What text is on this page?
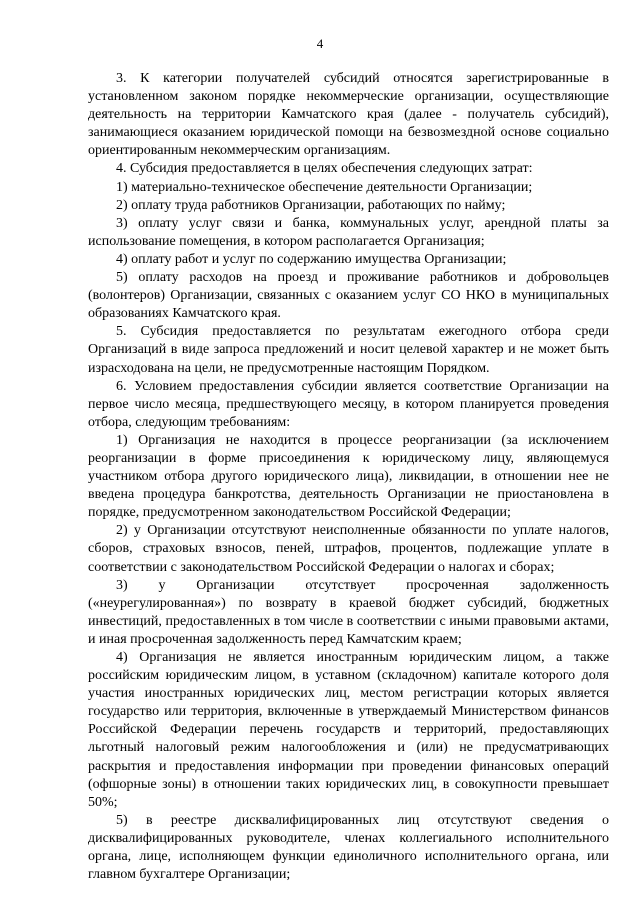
4

3. К категории получателей субсидий относятся зарегистрированные в установленном законом порядке некоммерческие организации, осуществляющие деятельность на территории Камчатского края (далее - получатель субсидий), занимающиеся оказанием юридической помощи на безвозмездной основе социально ориентированным некоммерческим организациям.

4. Субсидия предоставляется в целях обеспечения следующих затрат:

1) материально-техническое обеспечение деятельности Организации;

2) оплату труда работников Организации, работающих по найму;

3) оплату услуг связи и банка, коммунальных услуг, арендной платы за использование помещения, в котором располагается Организация;

4) оплату работ и услуг по содержанию имущества Организации;

5) оплату расходов на проезд и проживание работников и добровольцев (волонтеров) Организации, связанных с оказанием услуг СО НКО в муниципальных образованиях Камчатского края.

5. Субсидия предоставляется по результатам ежегодного отбора среди Организаций в виде запроса предложений и носит целевой характер и не может быть израсходована на цели, не предусмотренные настоящим Порядком.

6. Условием предоставления субсидии является соответствие Организации на первое число месяца, предшествующего месяцу, в котором планируется проведения отбора, следующим требованиям:

1) Организация не находится в процессе реорганизации (за исключением реорганизации в форме присоединения к юридическому лицу, являющемуся участником отбора другого юридического лица), ликвидации, в отношении нее не введена процедура банкротства, деятельность Организации не приостановлена в порядке, предусмотренном законодательством Российской Федерации;

2) у Организации отсутствуют неисполненные обязанности по уплате налогов, сборов, страховых взносов, пеней, штрафов, процентов, подлежащие уплате в соответствии с законодательством Российской Федерации о налогах и сборах;

3) у Организации отсутствует просроченная задолженность («неурегулированная») по возврату в краевой бюджет субсидий, бюджетных инвестиций, предоставленных в том числе в соответствии с иными правовыми актами, и иная просроченная задолженность перед Камчатским краем;

4) Организация не является иностранным юридическим лицом, а также российским юридическим лицом, в уставном (складочном) капитале которого доля участия иностранных юридических лиц, местом регистрации которых является государство или территория, включенные в утверждаемый Министерством финансов Российской Федерации перечень государств и территорий, предоставляющих льготный налоговый режим налогообложения и (или) не предусматривающих раскрытия и предоставления информации при проведении финансовых операций (офшорные зоны) в отношении таких юридических лиц, в совокупности превышает 50%;

5) в реестре дисквалифицированных лиц отсутствуют сведения о дисквалифицированных руководителе, членах коллегиального исполнительного органа, лице, исполняющем функции единоличного исполнительного органа, или главном бухгалтере Организации;
